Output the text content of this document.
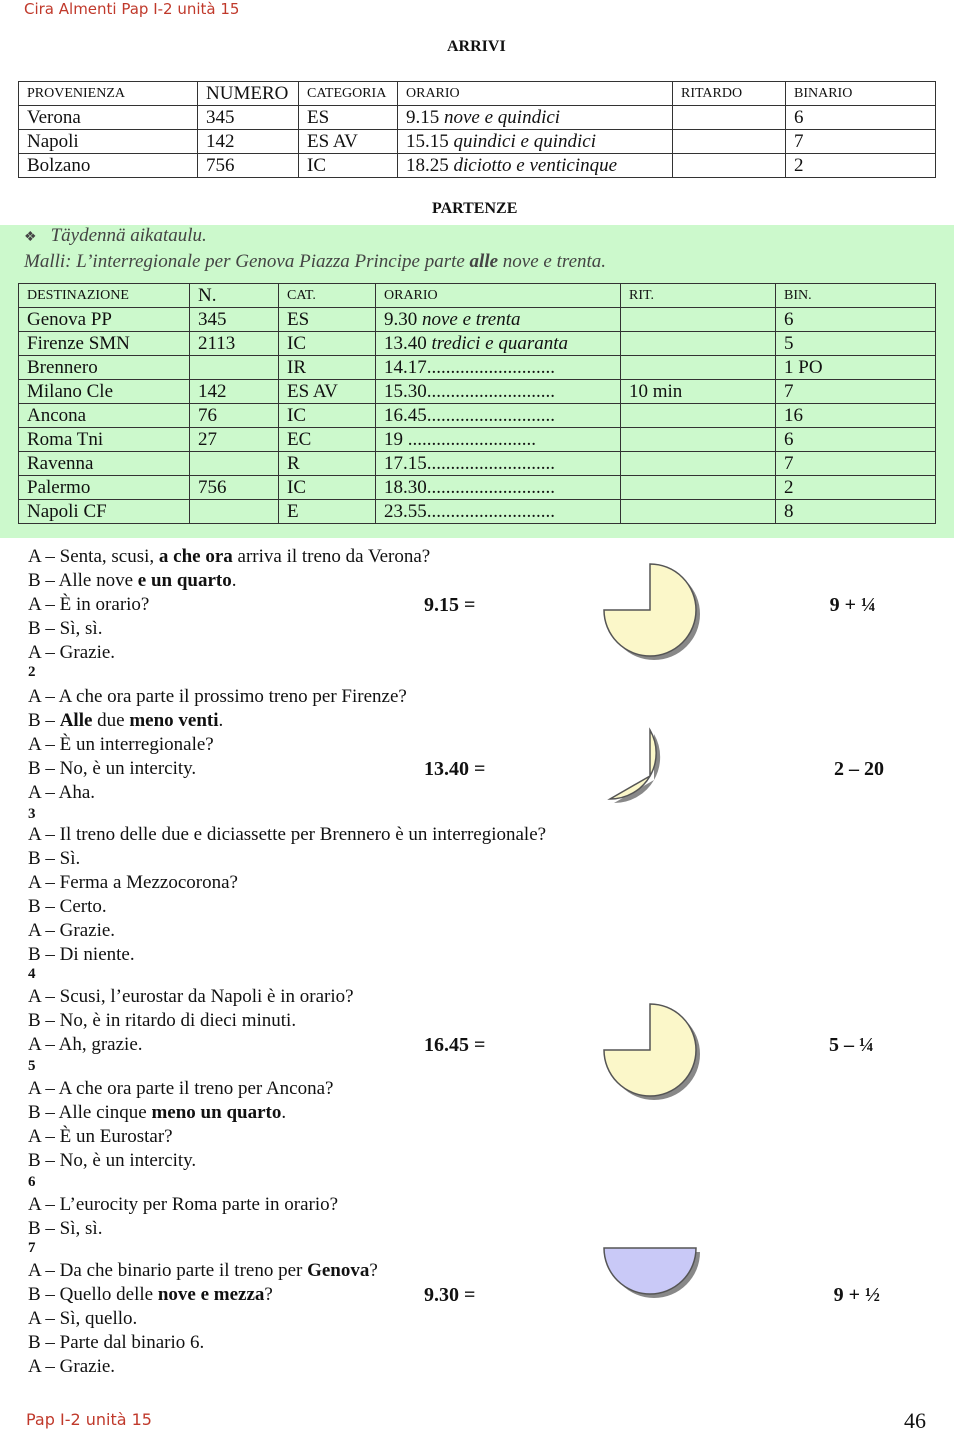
Cira Almenti Pap I-2 unità 15
ARRIVI
PROVENIENZA	NUMERO	CATEGORIA	ORARIO	RITARDO	BINARIO
Verona	345	ES	9.15 nove e quindici		6
Napoli	142	ES AV	15.15 quindici e quindici		7
Bolzano	756	IC	18.25 diciotto e venticinque		2
PARTENZE
❖ Täydennä aikataulu.
Malli: L’interregionale per Genova Piazza Principe parte alle nove e trenta.
DESTINAZIONE	N.	CAT.	ORARIO	RIT.	BIN.
Genova PP	345	ES	9.30 nove e trenta		6
Firenze SMN	2113	IC	13.40 tredici e quaranta		5
Brennero		IR	14.17...........................		1 PO
Milano Cle	142	ES AV	15.30...........................	10 min	7
Ancona	76	IC	16.45...........................		16
Roma Tni	27	EC	19 ...........................		6
Ravenna		R	17.15...........................		7
Palermo	756	IC	18.30...........................		2
Napoli CF		E	23.55...........................		8
A – Senta, scusi, a che ora arriva il treno da Verona?
B – Alle nove e un quarto.
A – È in orario?
B – Sì, sì.
A – Grazie.
A – A che ora parte il prossimo treno per Firenze?
B – Alle due meno venti.
A – È un interregionale?
B – No, è un intercity.
A – Aha.
A – Il treno delle due e diciassette per Brennero è un interregionale?
B – Sì.
A – Ferma a Mezzocorona?
B – Certo.
A – Grazie.
B – Di niente.
A – Scusi, l’eurostar da Napoli è in orario?
B – No, è in ritardo di dieci minuti.
A – Ah, grazie.
A – A che ora parte il treno per Ancona?
B – Alle cinque meno un quarto.
A – È un Eurostar?
B – No, è un intercity.
A – L’eurocity per Roma parte in orario?
B – Sì, sì.
A – Da che binario parte il treno per Genova?
B – Quello delle nove e mezza?
A – Sì, quello.
B – Parte dal binario 6.
A – Grazie.
2
3
4
5
6
7
9.15 =	9 + ¼
13.40 =	2 – 20
16.45 =	5 – ¼
9.30 =	9 + ½
Pap I-2 unità 15	46
